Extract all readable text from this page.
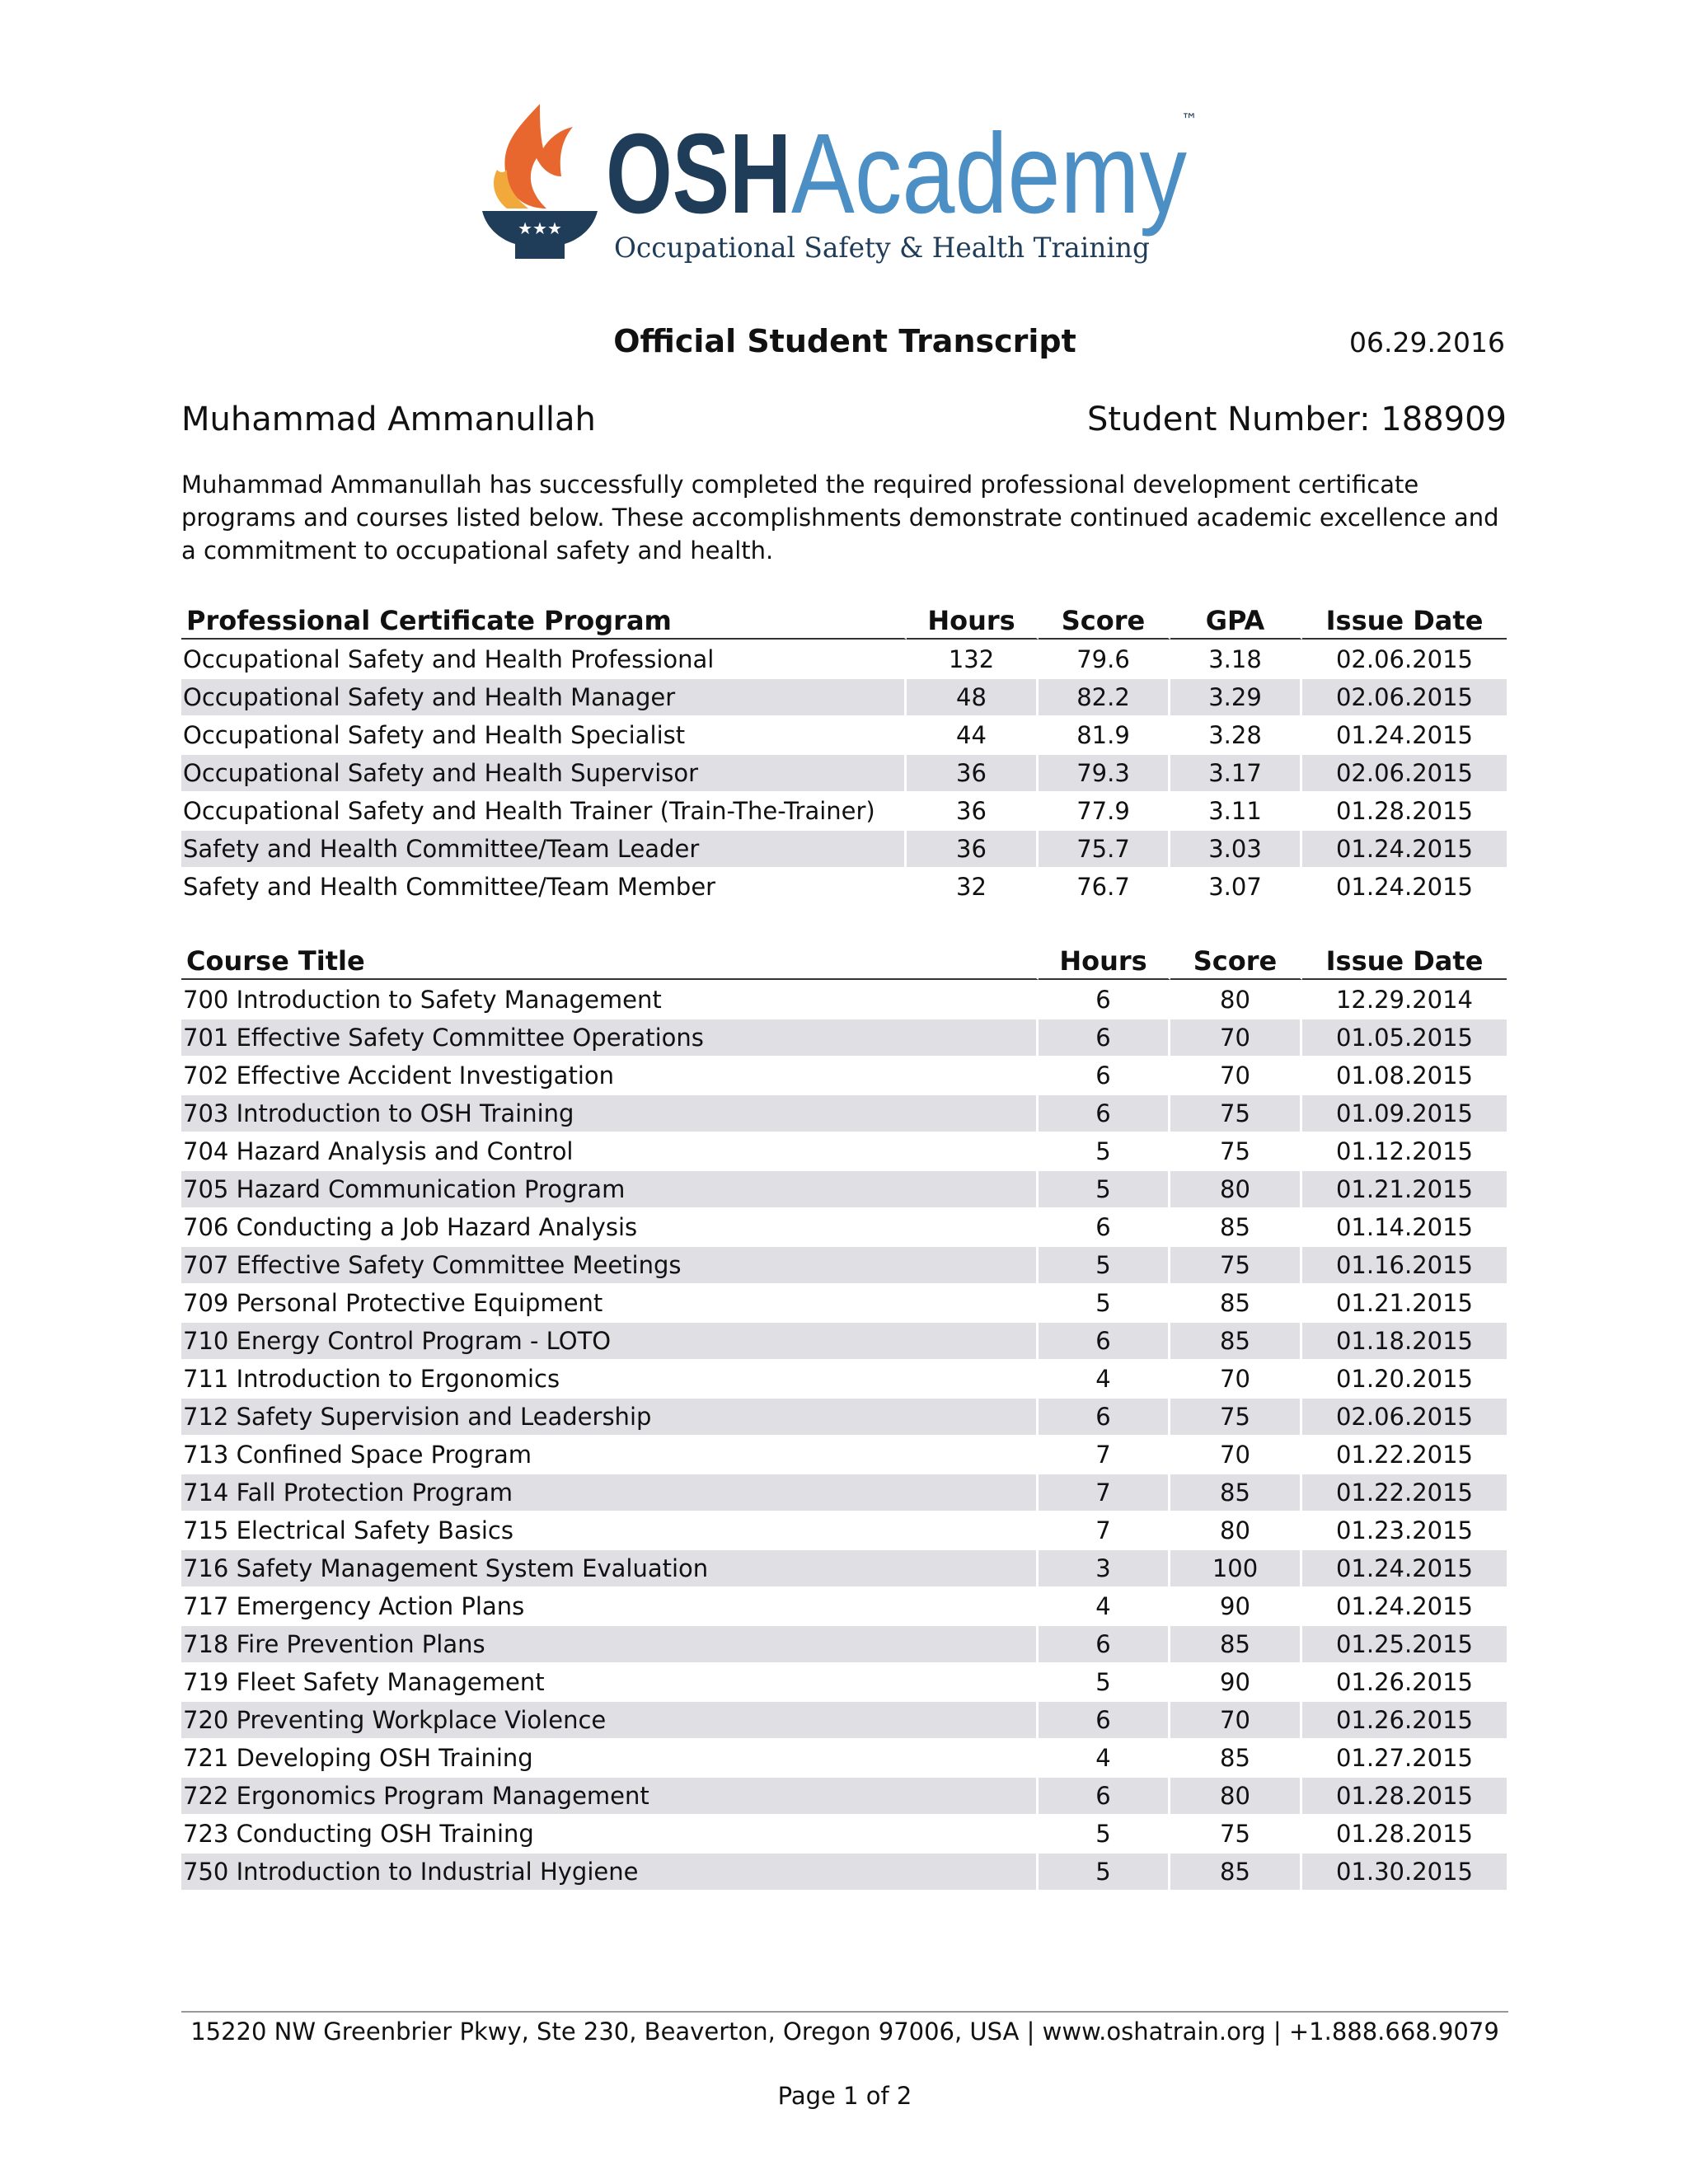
★★★ OSH Academy
™
Occupational Safety & Health Training
Official Student Transcript	06.29.2016
Muhammad Ammanullah	Student Number: 188909

Muhammad Ammanullah has successfully completed the required professional development certificate programs and courses listed below. These accomplishments demonstrate continued academic excellence and a commitment to occupational safety and health.

Professional Certificate Program	Hours	Score	GPA	Issue Date
Occupational Safety and Health Professional	132	79.6	3.18	02.06.2015
Occupational Safety and Health Manager	48	82.2	3.29	02.06.2015
Occupational Safety and Health Specialist	44	81.9	3.28	01.24.2015
Occupational Safety and Health Supervisor	36	79.3	3.17	02.06.2015
Occupational Safety and Health Trainer (Train-The-Trainer)	36	77.9	3.11	01.28.2015
Safety and Health Committee/Team Leader	36	75.7	3.03	01.24.2015
Safety and Health Committee/Team Member	32	76.7	3.07	01.24.2015
Course Title	Hours	Score	Issue Date
700 Introduction to Safety Management	6	80	12.29.2014
701 Effective Safety Committee Operations	6	70	01.05.2015
702 Effective Accident Investigation	6	70	01.08.2015
703 Introduction to OSH Training	6	75	01.09.2015
704 Hazard Analysis and Control	5	75	01.12.2015
705 Hazard Communication Program	5	80	01.21.2015
706 Conducting a Job Hazard Analysis	6	85	01.14.2015
707 Effective Safety Committee Meetings	5	75	01.16.2015
709 Personal Protective Equipment	5	85	01.21.2015
710 Energy Control Program - LOTO	6	85	01.18.2015
711 Introduction to Ergonomics	4	70	01.20.2015
712 Safety Supervision and Leadership	6	75	02.06.2015
713 Confined Space Program	7	70	01.22.2015
714 Fall Protection Program	7	85	01.22.2015
715 Electrical Safety Basics	7	80	01.23.2015
716 Safety Management System Evaluation	3	100	01.24.2015
717 Emergency Action Plans	4	90	01.24.2015
718 Fire Prevention Plans	6	85	01.25.2015
719 Fleet Safety Management	5	90	01.26.2015
720 Preventing Workplace Violence	6	70	01.26.2015
721 Developing OSH Training	4	85	01.27.2015
722 Ergonomics Program Management	6	80	01.28.2015
723 Conducting OSH Training	5	75	01.28.2015
750 Introduction to Industrial Hygiene	5	85	01.30.2015
15220 NW Greenbrier Pkwy, Ste 230, Beaverton, Oregon 97006, USA | www.oshatrain.org | +1.888.668.9079
Page 1 of 2
